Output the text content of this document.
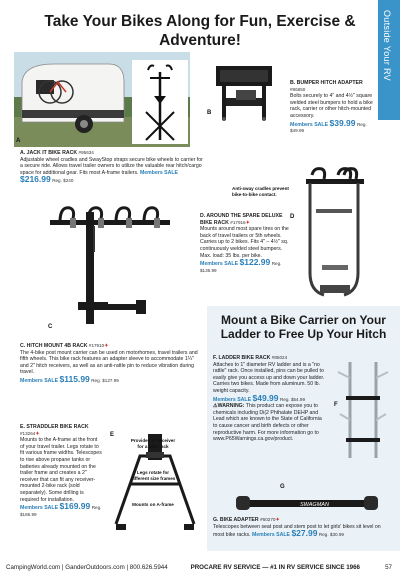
Outside Your RV
Take Your Bikes Along for Fun, Exercise & Adventure!
A
A. JACK IT BIKE RACK #95634
Adjustable wheel cradles and SwayStop straps secure bike wheels to carrier for a secure ride. Allows travel trailer owners to utilize the valuable rear hitch/cargo space for additional gear. Fits most A-frame trailers. Members SALE $216.99 Reg. $240
B
B. BUMPER HITCH ADAPTER #86850
Bolts securely to 4" and 4½" square welded steel bumpers to hold a bike rack, carrier or other hitch-mounted accessory.
Members SALE $39.99 Reg. $49.99
C
C. HITCH MOUNT 4B RACK #17910✦
The 4-bike post mount carrier can be used on motorhomes, travel trailers and fifth wheels. This bike rack features an adapter sleeve to accommodate 1¼" and 2" hitch receivers, as well as an anti-rattle pin to reduce vibration during travel.
Members SALE $115.99 Reg. $127.99
Anti-sway cradles prevent bike-to-bike contact.
D
D. AROUND THE SPARE DELUXE BIKE RACK #17916✦
Mounts around most spare tires on the back of travel trailers or 5th wheels. Carries up to 2 bikes. Fits 4" – 4½" sq. continuously welded steel bumpers. Max. load: 35 lbs. per bike.
Members SALE $122.99 Reg. $135.99
E. STRADDLER BIKE RACK #13264✦
Mounts to the A-frame at the front of your travel trailer. Legs rotate to fit various frame widths. Telescopes to rise above propane tanks or batteries already mounted on the trailer frame and creates a 2" receiver that can fit any receiver-mounted 2-bike rack (sold separately). Some drilling is required for installation.
Members SALE $169.99 Reg. $186.99
E
Provides 2" receiver for a bike rack
Legs rotate for different size frames
Mounts on A-frame
Mount a Bike Carrier on Your Ladder to Free Up Your Hitch
F. LADDER BIKE RACK #85024
Attaches to 1" diameter RV ladder and is a "no rattle" rack. Once installed, pins can be pulled to easily give you access up and down your ladder. Carries two bikes. Made from aluminum. 50 lb. weight capacity.
Members SALE $49.99 Reg. $54.99
⚠WARNING: This product can expose you to chemicals including Di(2 Phthalate DEHP and Lead which are known to the State of California to cause cancer and birth defects or other reproductive harm. For more information go to www.P65Warnings.ca.gov/product.
F
G
SWAGMAN
G. BIKE ADAPTER #60270✦
Telescopes between seat post and stem post to let girls' bikes sit level on most bike racks. Members SALE $27.99 Reg. $30.99
CampingWorld.com | GanderOutdoors.com | 800.626.5944	PROCARE RV SERVICE — #1 IN RV SERVICE SINCE 1966	57
